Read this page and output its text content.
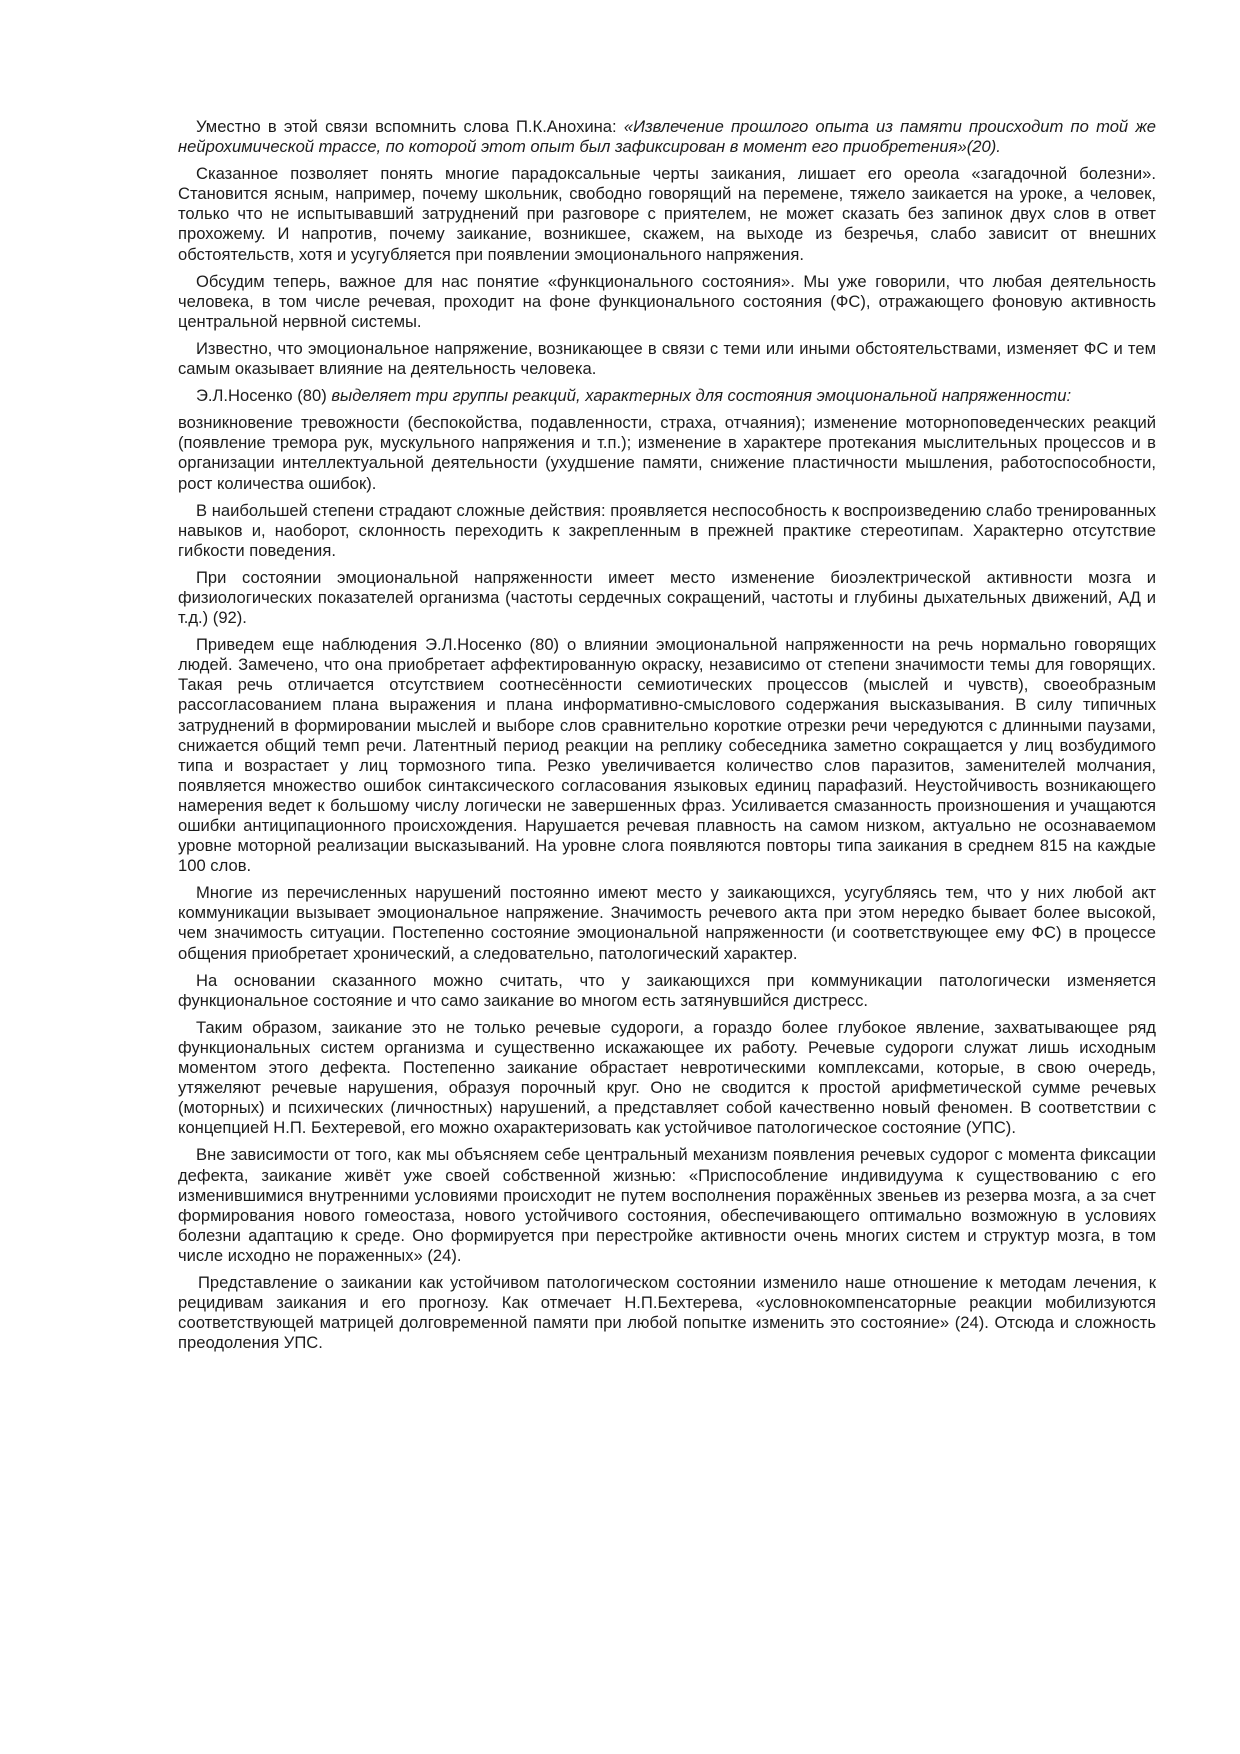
Уместно в этой связи вспомнить слова П.К.Анохина: «Извлечение прошлого опыта из памяти происходит по той же нейрохимической трассе, по которой этот опыт был зафиксирован в момент его приобретения»(20).

Сказанное позволяет понять многие парадоксальные черты заикания, лишает его ореола «загадочной болезни». Становится ясным, например, почему школьник, свободно говорящий на перемене, тяжело заикается на уроке, а человек, только что не испытывавший затруднений при разговоре с приятелем, не может сказать без запинок двух слов в ответ прохожему. И напротив, почему заикание, возникшее, скажем, на выходе из безречья, слабо зависит от внешних обстоятельств, хотя и усугубляется при появлении эмоционального напряжения.

Обсудим теперь, важное для нас понятие «функционального состояния». Мы уже говорили, что любая деятельность человека, в том числе речевая, проходит на фоне функционального состояния (ФС), отражающего фоновую активность центральной нервной системы.

Известно, что эмоциональное напряжение, возникающее в связи с теми или иными обстоятельствами, изменяет ФС и тем самым оказывает влияние на деятельность человека.

Э.Л.Носенко (80) выделяет три группы реакций, характерных для состояния эмоциональной напряженности:

возникновение тревожности (беспокойства, подавленности, страха, отчаяния); изменение моторноповеденческих реакций (появление тремора рук, мускульного напряжения и т.п.); изменение в характере протекания мыслительных процессов и в организации интеллектуальной деятельности (ухудшение памяти, снижение пластичности мышления, работоспособности, рост количества ошибок).

В наибольшей степени страдают сложные действия: проявляется неспособность к воспроизведению слабо тренированных навыков и, наоборот, склонность переходить к закрепленным в прежней практике стереотипам. Характерно отсутствие гибкости поведения.

При состоянии эмоциональной напряженности имеет место изменение биоэлектрической активности мозга и физиологических показателей организма (частоты сердечных сокращений, частоты и глубины дыхательных движений, АД и т.д.) (92).

Приведем еще наблюдения Э.Л.Носенко (80) о влиянии эмоциональной напряженности на речь нормально говорящих людей. Замечено, что она приобретает аффектированную окраску, независимо от степени значимости темы для говорящих. Такая речь отличается отсутствием соотнесённости семиотических процессов (мыслей и чувств), своеобразным рассогласованием плана выражения и плана информативно-смыслового содержания высказывания. В силу типичных затруднений в формировании мыслей и выборе слов сравнительно короткие отрезки речи чередуются с длинными паузами, снижается общий темп речи. Латентный период реакции на реплику собеседника заметно сокращается у лиц возбудимого типа и возрастает у лиц тормозного типа. Резко увеличивается количество слов паразитов, заменителей молчания, появляется множество ошибок синтаксического согласования языковых единиц парафазий. Неустойчивость возникающего намерения ведет к большому числу логически не завершенных фраз. Усиливается смазанность произношения и учащаются ошибки антиципационного происхождения. Нарушается речевая плавность на самом низком, актуально не осознаваемом уровне моторной реализации высказываний. На уровне слога появляются повторы типа заикания в среднем 815 на каждые 100 слов.

Многие из перечисленных нарушений постоянно имеют место у заикающихся, усугубляясь тем, что у них любой акт коммуникации вызывает эмоциональное напряжение. Значимость речевого акта при этом нередко бывает более высокой, чем значимость ситуации. Постепенно состояние эмоциональной напряженности (и соответствующее ему ФС) в процессе общения приобретает хронический, а следовательно, патологический характер.

На основании сказанного можно считать, что у заикающихся при коммуникации патологически изменяется функциональное состояние и что само заикание во многом есть затянувшийся дистресс.

Таким образом, заикание это не только речевые судороги, а гораздо более глубокое явление, захватывающее ряд функциональных систем организма и существенно искажающее их работу. Речевые судороги служат лишь исходным моментом этого дефекта. Постепенно заикание обрастает невротическими комплексами, которые, в свою очередь, утяжеляют речевые нарушения, образуя порочный круг. Оно не сводится к простой арифметической сумме речевых (моторных) и психических (личностных) нарушений, а представляет собой качественно новый феномен. В соответствии с концепцией Н.П. Бехтеревой, его можно охарактеризовать как устойчивое патологическое состояние (УПС).

Вне зависимости от того, как мы объясняем себе центральный механизм появления речевых судорог с момента фиксации дефекта, заикание живёт уже своей собственной жизнью: «Приспособление индивидуума к существованию с его изменившимися внутренними условиями происходит не путем восполнения поражённых звеньев из резерва мозга, а за счет формирования нового гомеостаза, нового устойчивого состояния, обеспечивающего оптимально возможную в условиях болезни адаптацию к среде. Оно формируется при перестройке активности очень многих систем и структур мозга, в том числе исходно не пораженных» (24).

Представление о заикании как устойчивом патологическом состоянии изменило наше отношение к методам лечения, к рецидивам заикания и его прогнозу. Как отмечает Н.П.Бехтерева, «условнокомпенсаторные реакции мобилизуются соответствующей матрицей долговременной памяти при любой попытке изменить это состояние» (24). Отсюда и сложность преодоления УПС.
